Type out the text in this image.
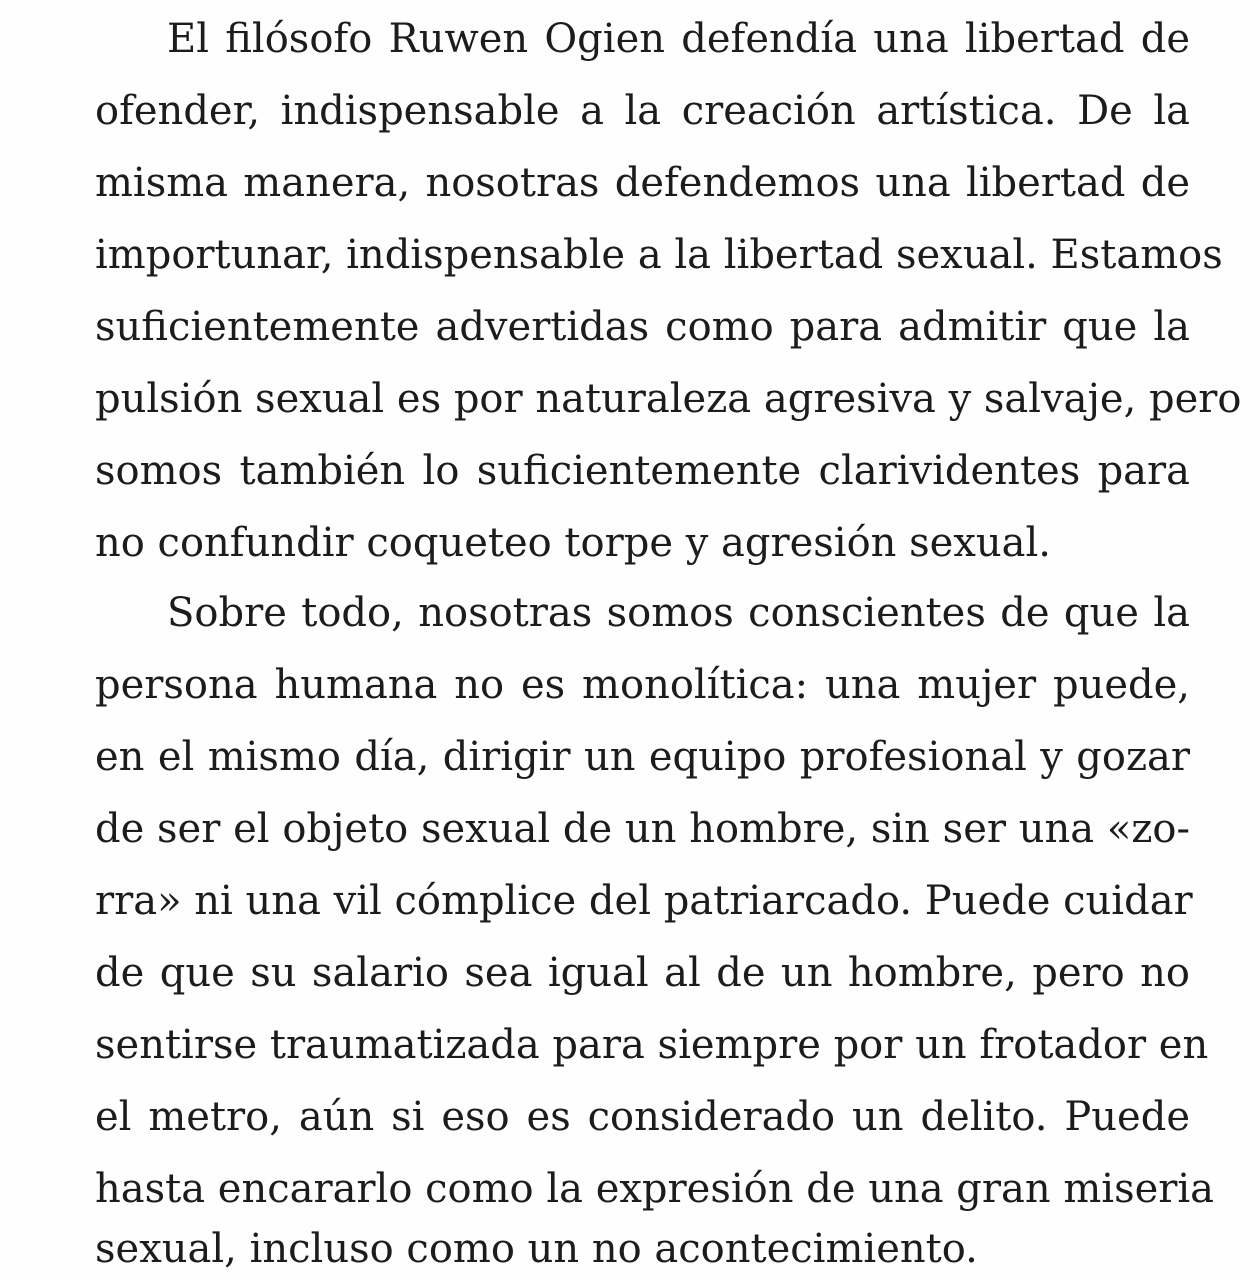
El filósofo Ruwen Ogien defendía una libertad de
ofender, indispensable a la creación artística. De la
misma manera, nosotras defendemos una libertad de
importunar, indispensable a la libertad sexual. Estamos
suficientemente advertidas como para admitir que la
pulsión sexual es por naturaleza agresiva y salvaje, pero
somos también lo suficientemente clarividentes para
no confundir coqueteo torpe y agresión sexual.
Sobre todo, nosotras somos conscientes de que la
persona humana no es monolítica: una mujer puede,
en el mismo día, dirigir un equipo profesional y gozar
de ser el objeto sexual de un hombre, sin ser una «zo-
rra» ni una vil cómplice del patriarcado. Puede cuidar
de que su salario sea igual al de un hombre, pero no
sentirse traumatizada para siempre por un frotador en
el metro, aún si eso es considerado un delito. Puede
hasta encararlo como la expresión de una gran miseria
sexual, incluso como un no acontecimiento.
